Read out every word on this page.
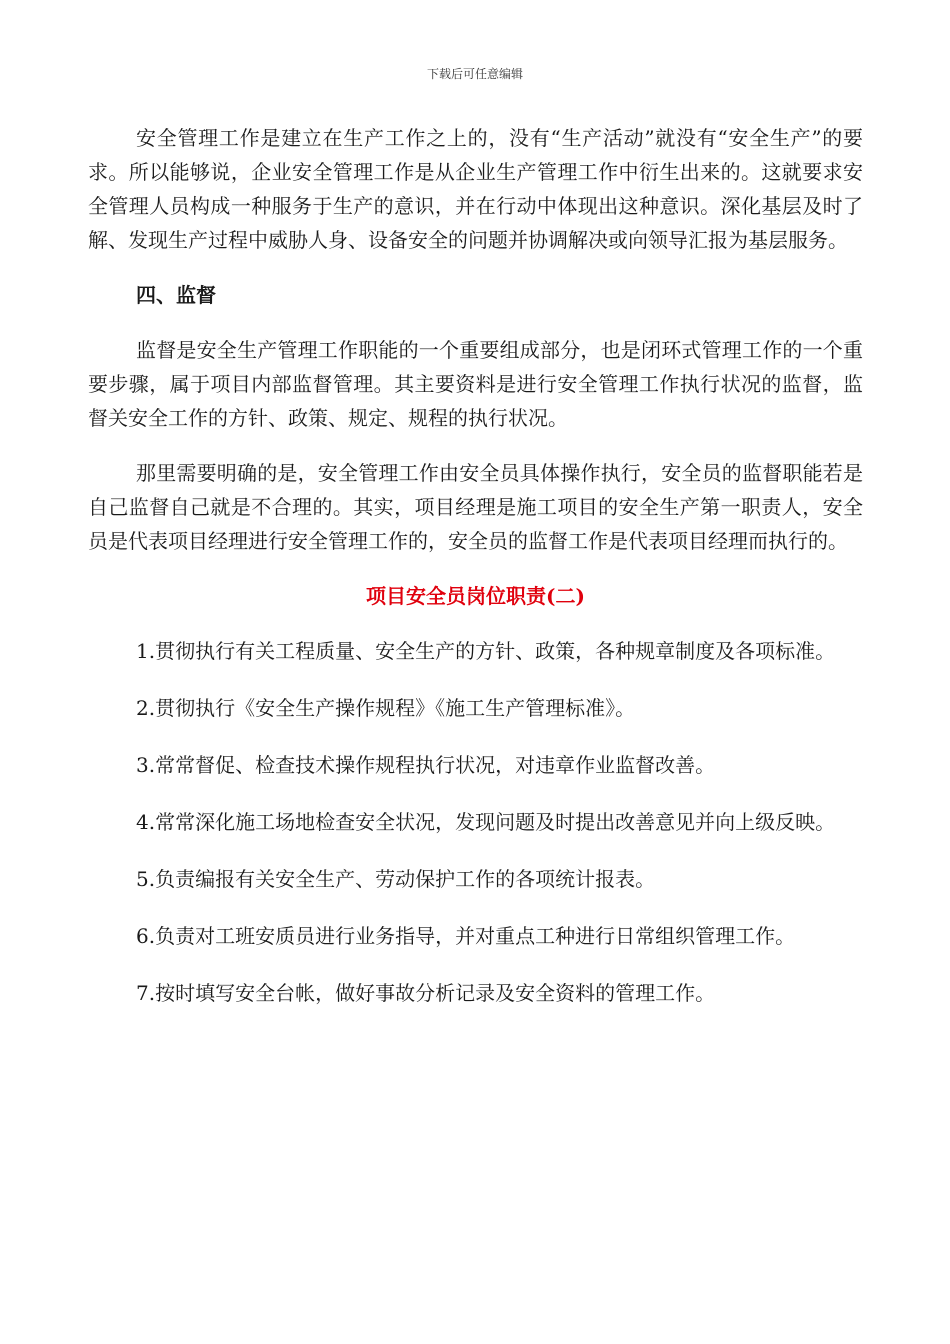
下载后可任意编辑

安全管理工作是建立在生产工作之上的，没有“生产活动”就没有“安全生产”的要求。所以能够说，企业安全管理工作是从企业生产管理工作中衍生出来的。这就要求安全管理人员构成一种服务于生产的意识，并在行动中体现出这种意识。深化基层及时了解、发现生产过程中威胁人身、设备安全的问题并协调解决或向领导汇报为基层服务。

四、监督

监督是安全生产管理工作职能的一个重要组成部分，也是闭环式管理工作的一个重要步骤，属于项目内部监督管理。其主要资料是进行安全管理工作执行状况的监督，监督关安全工作的方针、政策、规定、规程的执行状况。

那里需要明确的是，安全管理工作由安全员具体操作执行，安全员的监督职能若是自己监督自己就是不合理的。其实，项目经理是施工项目的安全生产第一职责人，安全员是代表项目经理进行安全管理工作的，安全员的监督工作是代表项目经理而执行的。

项目安全员岗位职责(二)

1.贯彻执行有关工程质量、安全生产的方针、政策，各种规章制度及各项标准。

2.贯彻执行《安全生产操作规程》《施工生产管理标准》。

3.常常督促、检查技术操作规程执行状况，对违章作业监督改善。

4.常常深化施工场地检查安全状况，发现问题及时提出改善意见并向上级反映。

5.负责编报有关安全生产、劳动保护工作的各项统计报表。

6.负责对工班安质员进行业务指导，并对重点工种进行日常组织管理工作。

7.按时填写安全台帐，做好事故分析记录及安全资料的管理工作。
